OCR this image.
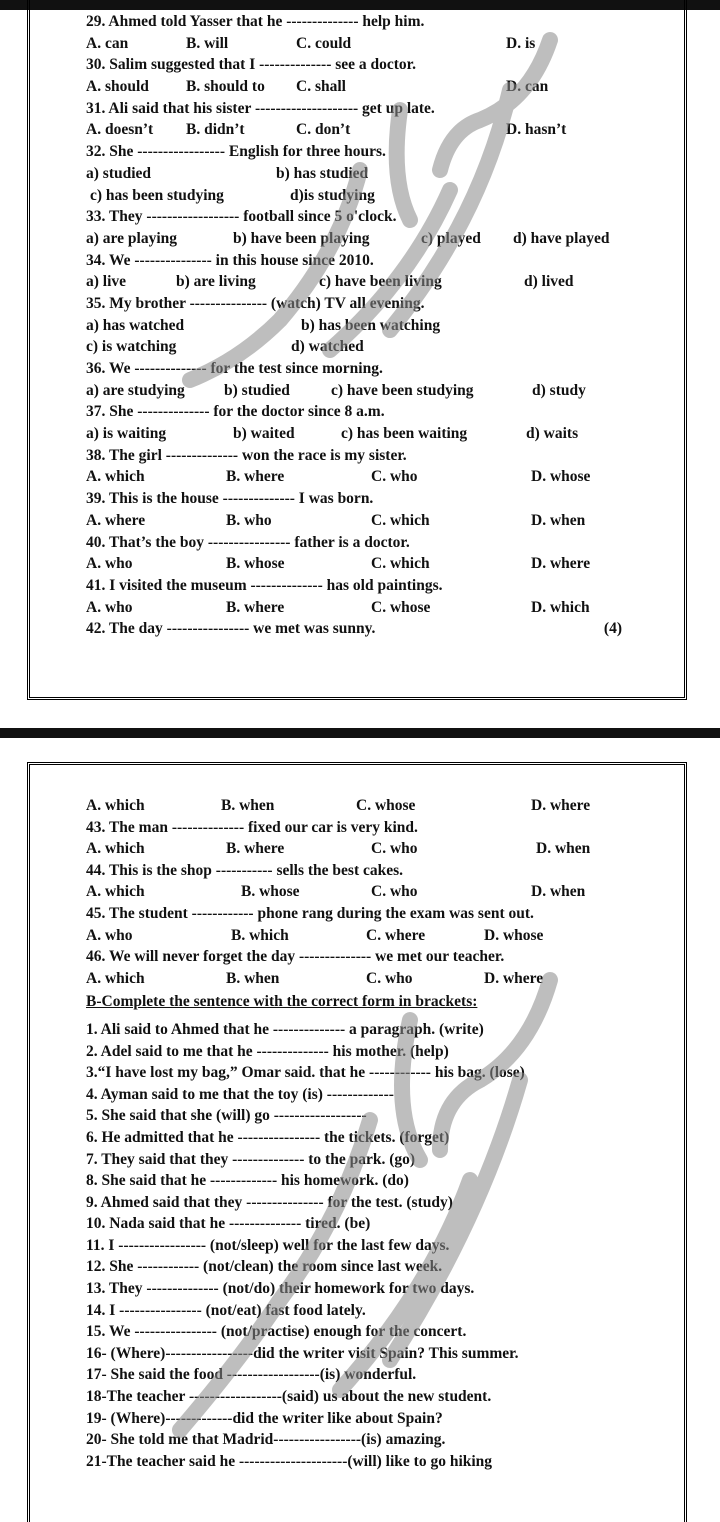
29. Ahmed told Yasser that he -------------- help him.
A. can	B. will	C. could	D. is
30. Salim suggested that I -------------- see a doctor.
A. should B. should to C. shall	D. can
31. Ali said that his sister -------------------- get up late.
A. doesn’t B. didn’t	C. don’t	D. hasn’t
32. She ----------------- English for three hours.
a) studied	b) has studied
c) has been studying	d)is studying
33. They ------------------ football since 5 o'clock.
a) are playing	b) have been playing	c) played d) have played
34. We --------------- in this house since 2010.
a) live	b) are living	c) have been living	d) lived
35. My brother --------------- (watch) TV all evening.
a) has watched	b) has been watching
c) is watching	d) watched
36. We -------------- for the test since morning.
a) are studying	b) studied	c) have been studying	d) study
37. She -------------- for the doctor since 8 a.m.
a) is waiting	b) waited	c) has been waiting	d) waits
38. The girl -------------- won the race is my sister.
A. which	B. where	C. who	D. whose
39. This is the house -------------- I was born.
A. where	B. who	C. which	D. when
40. That’s the boy ---------------- father is a doctor.
A. who	B. whose	C. which	D. where
41. I visited the museum -------------- has old paintings.
A. who	B. where	C. whose	D. which
42. The day ---------------- we met was sunny.	(4)
A. which	B. when	C. whose	D. where
43. The man -------------- fixed our car is very kind.
A. which	B. where	C. who	D. when
44. This is the shop ----------- sells the best cakes.
A. which	B. whose	C. who	D. when
45. The student ------------ phone rang during the exam was sent out.
A. who	B. which	C. where	D. whose
46. We will never forget the day -------------- we met our teacher.
A. which	B. when	C. who	D. where
B-Complete the sentence with the correct form in brackets:
1. Ali said to Ahmed that he -------------- a paragraph. (write)
2. Adel said to me that he -------------- his mother. (help)
3.“I have lost my bag,” Omar said. that he ------------ his bag. (lose)
4. Ayman said to me that the toy (is) -------------
5. She said that she (will) go ------------------
6. He admitted that he ---------------- the tickets. (forget)
7. They said that they -------------- to the park. (go)
8. She said that he ------------- his homework. (do)
9. Ahmed said that they --------------- for the test. (study)
10. Nada said that he -------------- tired. (be)
11. I ----------------- (not/sleep) well for the last few days.
12. She ------------ (not/clean) the room since last week.
13. They -------------- (not/do) their homework for two days.
14. I ---------------- (not/eat) fast food lately.
15. We ---------------- (not/practise) enough for the concert.
16- (Where)-----------------did the writer visit Spain? This summer.
17- She said the food ------------------(is) wonderful.
18-The teacher ------------------(said) us about the new student.
19- (Where)-------------did the writer like about Spain?
20- She told me that Madrid-----------------(is) amazing.
21-The teacher said he ---------------------(will) like to go hiking
